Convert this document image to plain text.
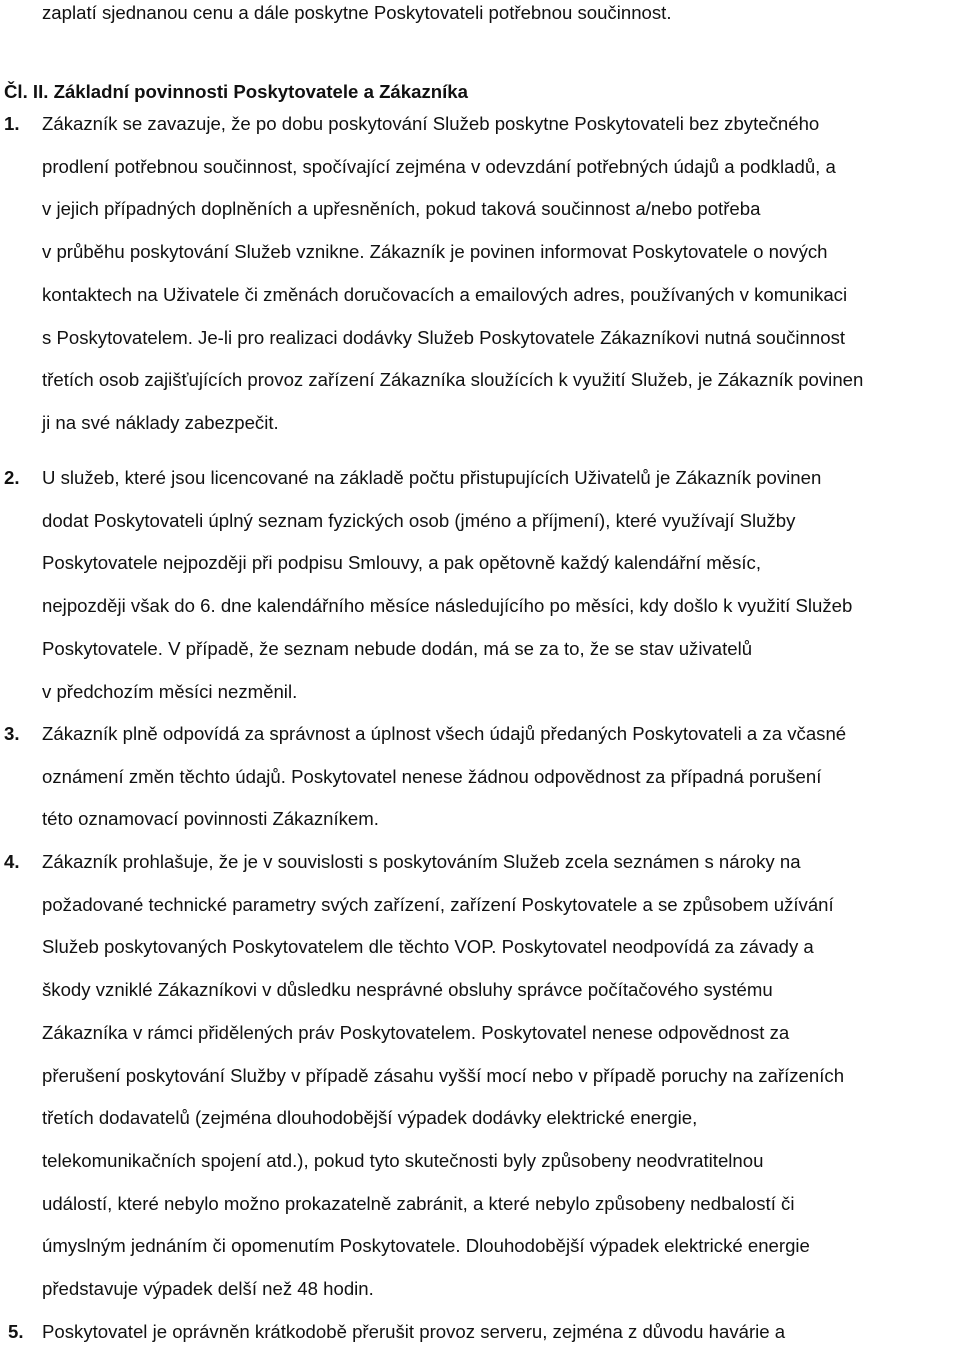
zaplatí sjednanou cenu a dále poskytne Poskytovateli potřebnou součinnost.
Čl. II. Základní povinnosti Poskytovatele a Zákazníka
1. Zákazník se zavazuje, že po dobu poskytování Služeb poskytne Poskytovateli bez zbytečného
prodlení potřebnou součinnost, spočívající zejména v odevzdání potřebných údajů a podkladů, a
v jejich případných doplněních a upřesněních, pokud taková součinnost a/nebo potřeba
v průběhu poskytování Služeb vznikne. Zákazník je povinen informovat Poskytovatele o nových
kontaktech na Uživatele či změnách doručovacích a emailových adres, používaných v komunikaci
s Poskytovatelem. Je-li pro realizaci dodávky Služeb Poskytovatele Zákazníkovi nutná součinnost
třetích osob zajišťujících provoz zařízení Zákazníka sloužících k využití Služeb, je Zákazník povinen
ji na své náklady zabezpečit.
2. U služeb, které jsou licencované na základě počtu přistupujících Uživatelů je Zákazník povinen
dodat Poskytovateli úplný seznam fyzických osob (jméno a příjmení), které využívají Služby
Poskytovatele nejpozději při podpisu Smlouvy, a pak opětovně každý kalendářní měsíc,
nejpozději však do 6. dne kalendářního měsíce následujícího po měsíci, kdy došlo k využití Služeb
Poskytovatele. V případě, že seznam nebude dodán, má se za to, že se stav uživatelů
v předchozím měsíci nezměnil.
3. Zákazník plně odpovídá za správnost a úplnost všech údajů předaných Poskytovateli a za včasné
oznámení změn těchto údajů. Poskytovatel nenese žádnou odpovědnost za případná porušení
této oznamovací povinnosti Zákazníkem.
4. Zákazník prohlašuje, že je v souvislosti s poskytováním Služeb zcela seznámen s nároky na
požadované technické parametry svých zařízení, zařízení Poskytovatele a se způsobem užívání
Služeb poskytovaných Poskytovatelem dle těchto VOP. Poskytovatel neodpovídá za závady a
škody vzniklé Zákazníkovi v důsledku nesprávné obsluhy správce počítačového systému
Zákazníka v rámci přidělených práv Poskytovatelem. Poskytovatel nenese odpovědnost za
přerušení poskytování Služby v případě zásahu vyšší mocí nebo v případě poruchy na zařízeních
třetích dodavatelů (zejména dlouhodobější výpadek dodávky elektrické energie,
telekomunikačních spojení atd.), pokud tyto skutečnosti byly způsobeny neodvratitelnou
událostí, které nebylo možno prokazatelně zabránit, a které nebylo způsobeny nedbalostí či
úmyslným jednáním či opomenutím Poskytovatele. Dlouhodobější výpadek elektrické energie
představuje výpadek delší než 48 hodin.
5. Poskytovatel je oprávněn krátkodobě přerušit provoz serveru, zejména z důvodu havárie a
